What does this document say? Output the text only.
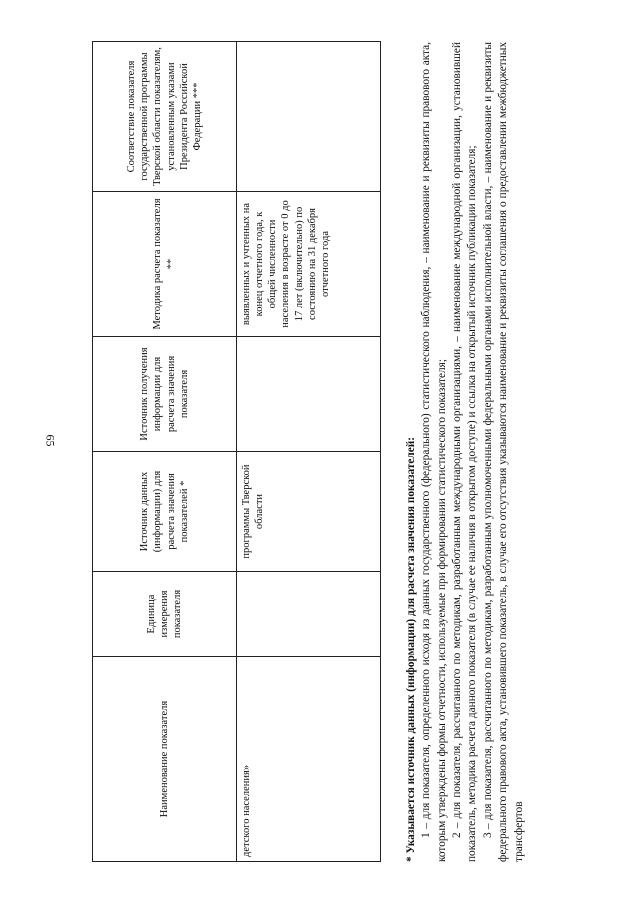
65
Наименование показателя	Единица измерения показателя	Источник данных (информации) для расчета значения показателей *	Источник получения информации для расчета значения показателя	Методика расчета показателя **	Соответствие показателя государственной программы Тверской области показателям, установленным указами Президента Российской Федерации ***
детского населения»		программы Тверской области		выявленных и учтенных на конец отчетного года, к общей численности населения в возрасте от 0 до 17 лет (включительно) по состоянию на 31 декабря отчетного года	

* Указывается источник данных (информации) для расчета значения показателей: 1 – для показателя, определенного исходя из данных государственного (федерального) статистического наблюдения, – наименование и реквизиты правового акта, которым утверждены формы отчетности, используемые при формировании статистического показателя; 2 – для показателя, рассчитанного по методикам, разработанным международными организациями, – наименование международной организации, установившей показатель, методика расчета данного показателя (в случае ее наличия в открытом доступе) и ссылка на открытый источник публикации показателя; 3 – для показателя, рассчитанного по методикам, разработанным уполномоченными федеральными органами исполнительной власти, – наименование и реквизиты федерального правового акта, установившего показатель, в случае его отсутствия указываются наименование и реквизиты соглашения о предоставлении межбюджетных трансфертов
